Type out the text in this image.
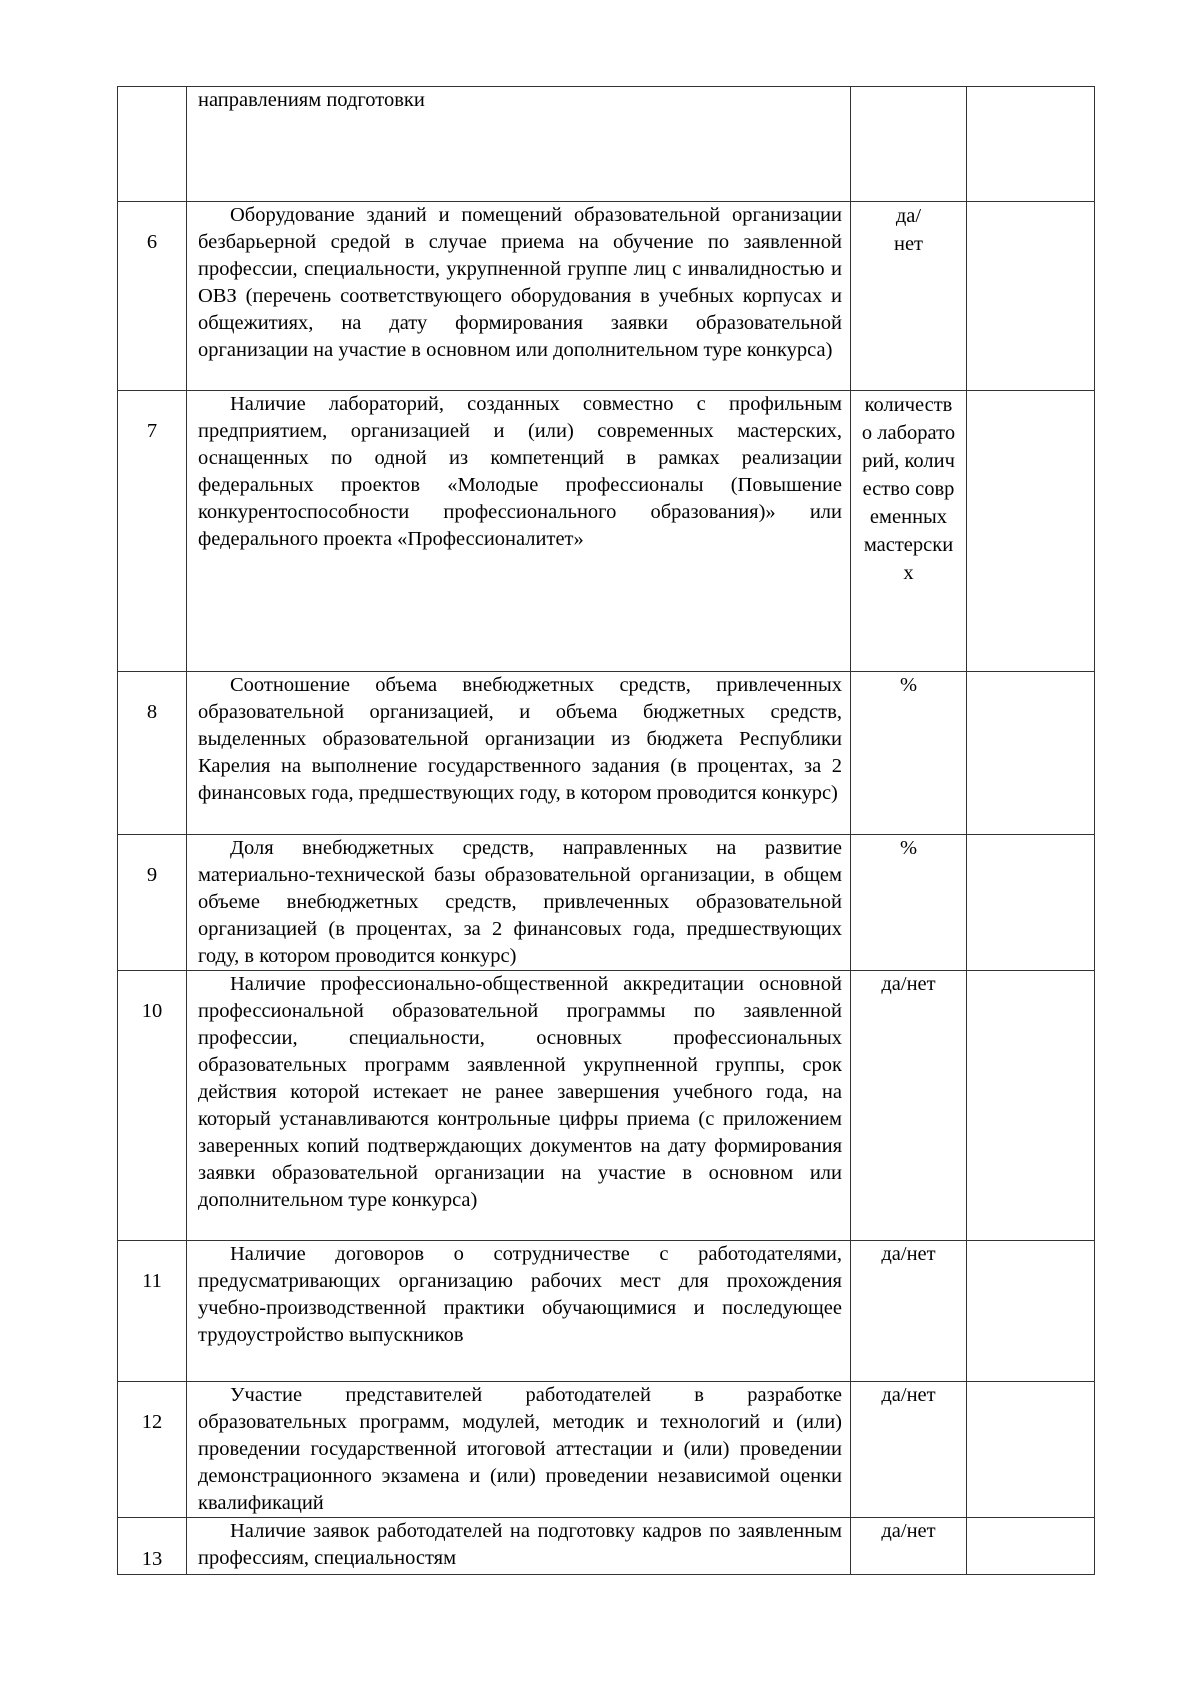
	направлениям подготовки		

6	Оборудование зданий и помещений образовательной организации безбарьерной средой в случае приема на обучение по заявленной профессии, специальности, укрупненной группе лиц с инвалидностью и ОВЗ (перечень соответствующего оборудования в учебных корпусах и общежитиях, на дату формирования заявки образовательной организации на участие в основном или дополнительном туре конкурса)	да/ нет	

7	Наличие лабораторий, созданных совместно с профильным предприятием, организацией и (или) современных мастерских, оснащенных по одной из компетенций в рамках реализации федеральных проектов «Молодые профессионалы (Повышение конкурентоспособности профессионального образования)» или федерального проекта «Профессионалитет»	количество лабораторий, количество современных мастерских	

8	Соотношение объема внебюджетных средств, привлеченных образовательной организацией, и объема бюджетных средств, выделенных образовательной организации из бюджета Республики Карелия на выполнение государственного задания (в процентах, за 2 финансовых года, предшествующих году, в котором проводится конкурс)	%	

9	Доля внебюджетных средств, направленных на развитие материально-технической базы образовательной организации, в общем объеме внебюджетных средств, привлеченных образовательной организацией (в процентах, за 2 финансовых года, предшествующих году, в котором проводится конкурс)	%	

10	Наличие профессионально-общественной аккредитации основной профессиональной образовательной программы по заявленной профессии, специальности, основных профессиональных образовательных программ заявленной укрупненной группы, срок действия которой истекает не ранее завершения учебного года, на который устанавливаются контрольные цифры приема (с приложением заверенных копий подтверждающих документов на дату формирования заявки образовательной организации на участие в основном или дополнительном туре конкурса)	да/нет	

11	Наличие договоров о сотрудничестве с работодателями, предусматривающих организацию рабочих мест для прохождения учебно-производственной практики обучающимися и последующее трудоустройство выпускников	да/нет	

12	Участие представителей работодателей в разработке образовательных программ, модулей, методик и технологий и (или) проведении государственной итоговой аттестации и (или) проведении демонстрационного экзамена и (или) проведении независимой оценки квалификаций	да/нет	

13	Наличие заявок работодателей на подготовку кадров по заявленным профессиям, специальностям	да/нет	
